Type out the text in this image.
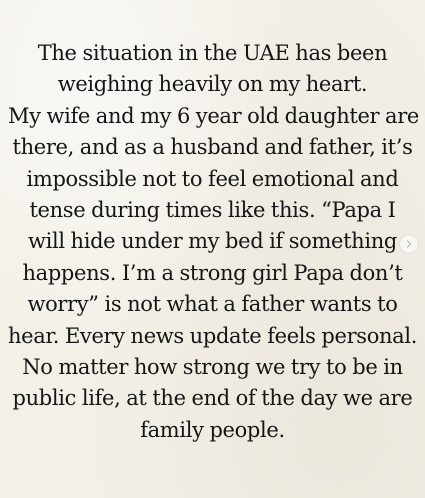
The situation in the UAE has been
weighing heavily on my heart.
My wife and my 6 year old daughter are
there, and as a husband and father, it’s
impossible not to feel emotional and
tense during times like this. “Papa I
will hide under my bed if something
happens. I’m a strong girl Papa don’t
worry” is not what a father wants to
hear. Every news update feels personal.
No matter how strong we try to be in
public life, at the end of the day we are
family people.
